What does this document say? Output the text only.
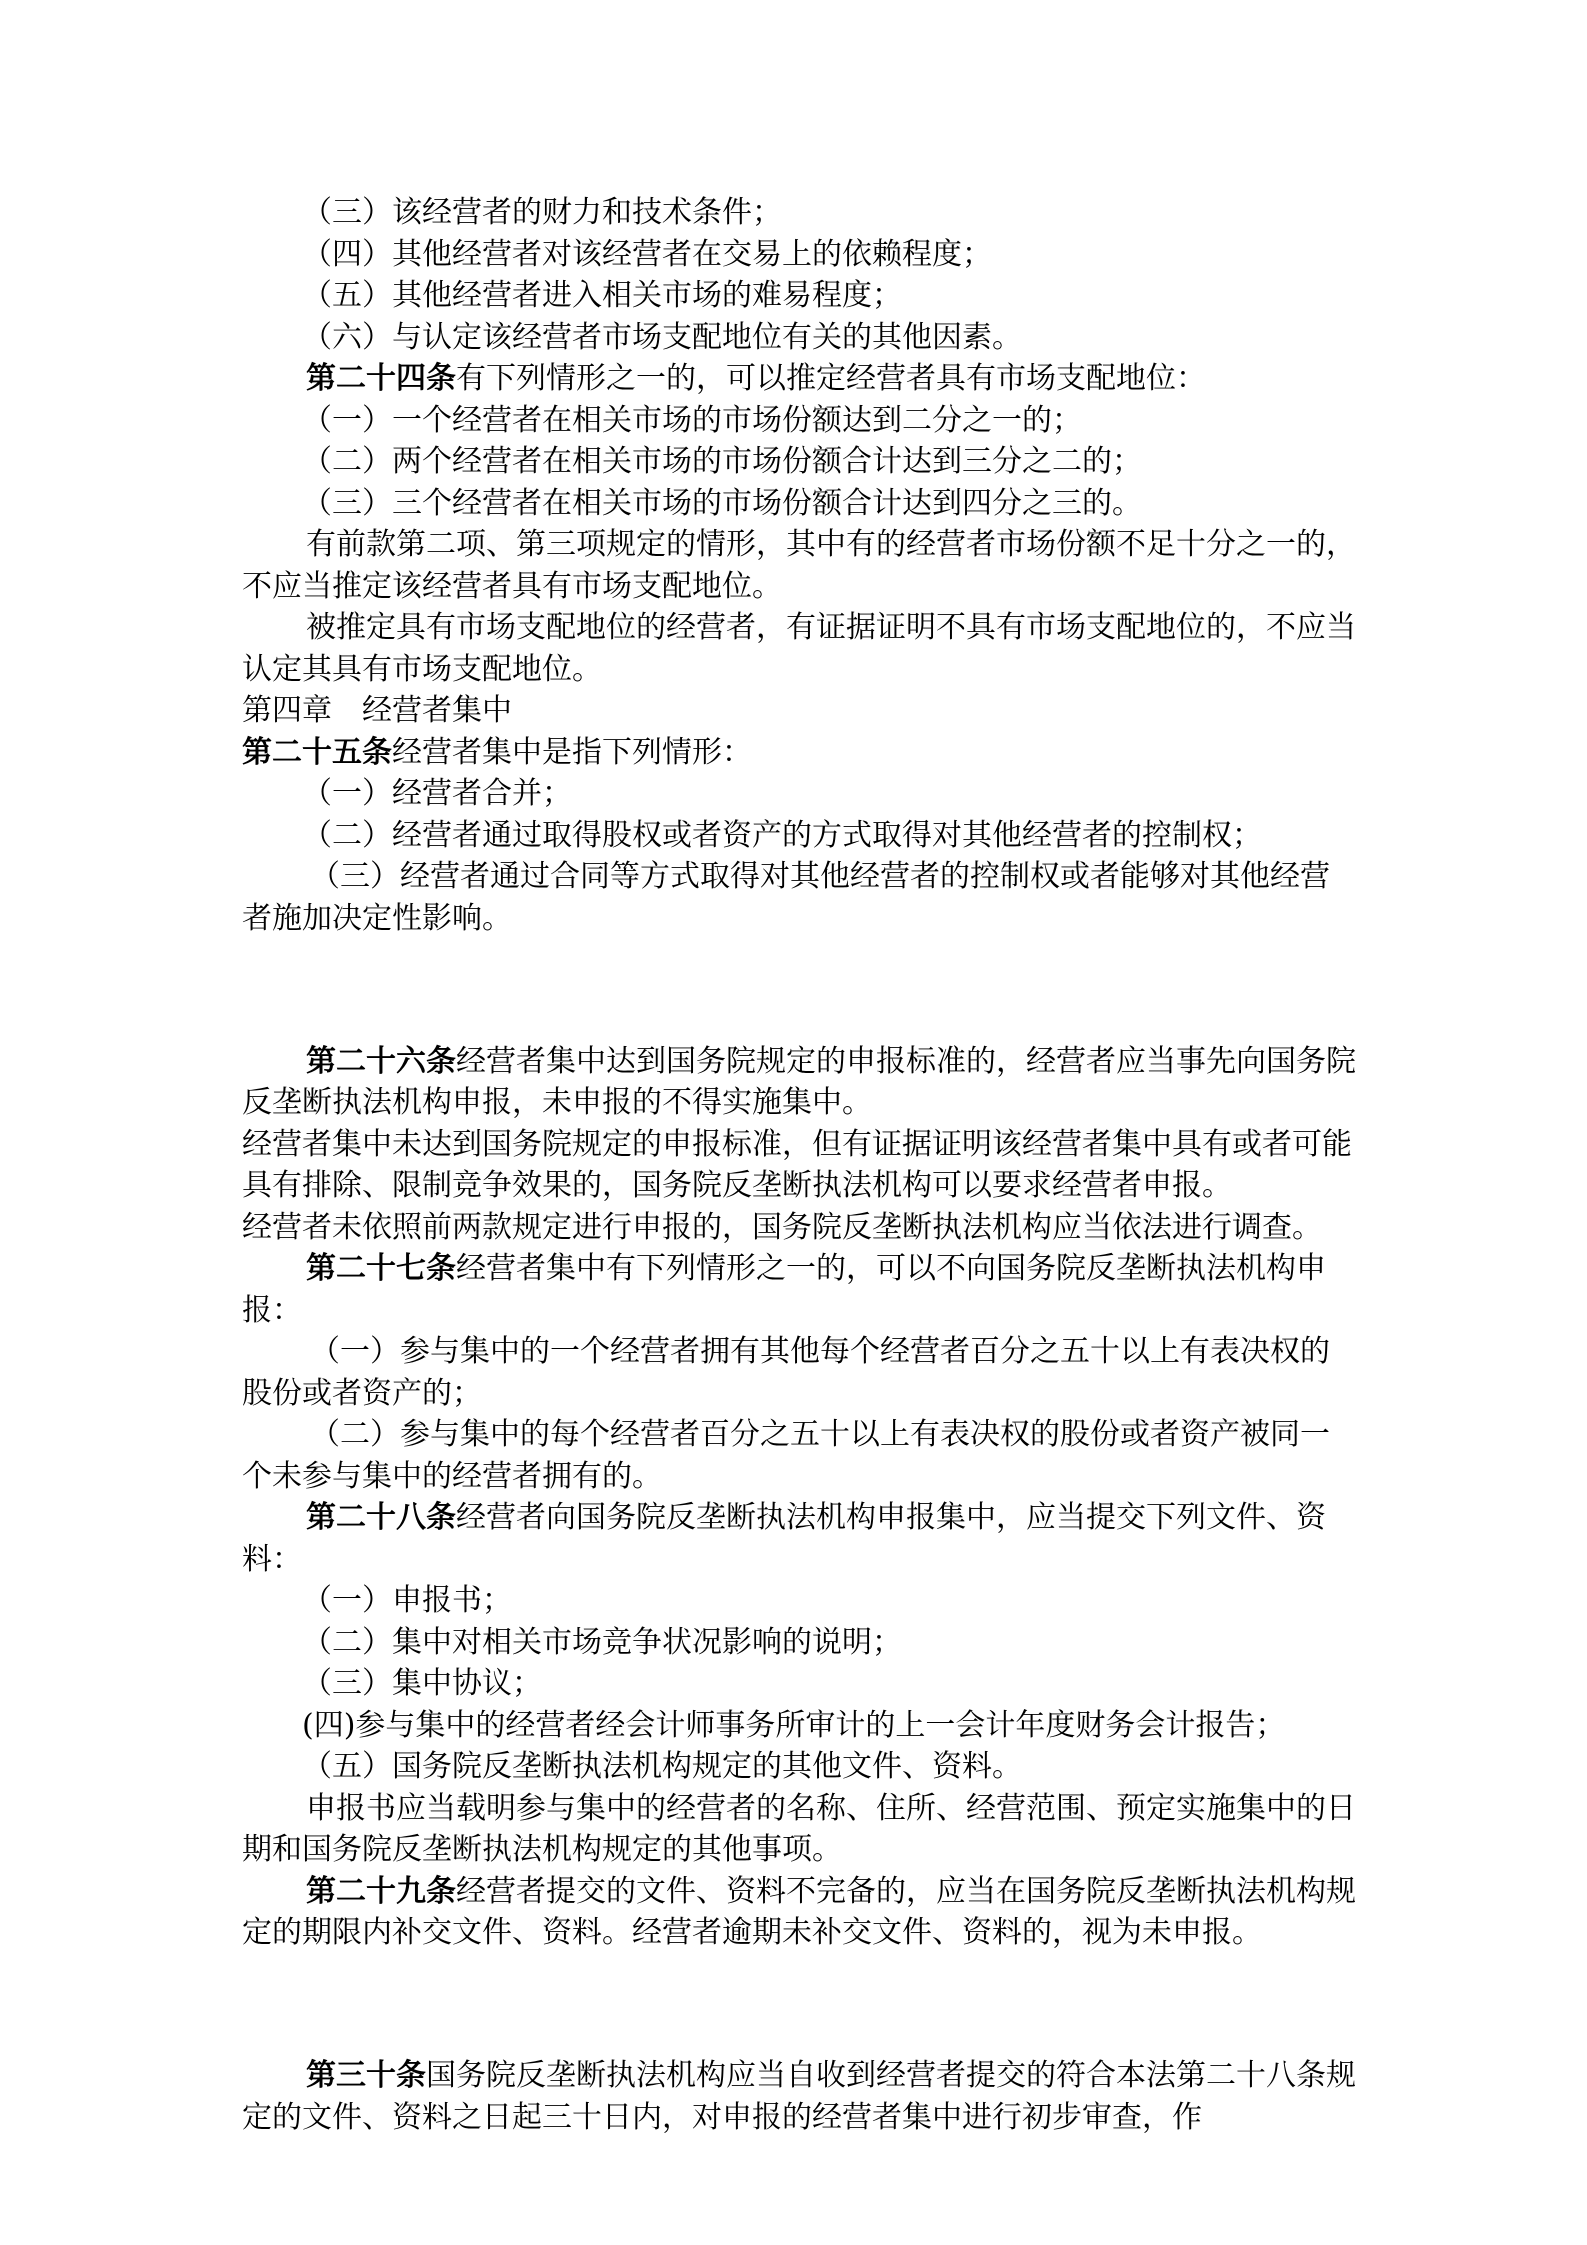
（三）该经营者的财力和技术条件；

（四）其他经营者对该经营者在交易上的依赖程度；

（五）其他经营者进入相关市场的难易程度；

（六）与认定该经营者市场支配地位有关的其他因素。

第二十四条有下列情形之一的，可以推定经营者具有市场支配地位：

（一）一个经营者在相关市场的市场份额达到二分之一的；

（二）两个经营者在相关市场的市场份额合计达到三分之二的；

（三）三个经营者在相关市场的市场份额合计达到四分之三的。

有前款第二项、第三项规定的情形，其中有的经营者市场份额不足十分之一的，不应当推定该经营者具有市场支配地位。

被推定具有市场支配地位的经营者，有证据证明不具有市场支配地位的，不应当认定其具有市场支配地位。

第四章　经营者集中

第二十五条经营者集中是指下列情形：

（一）经营者合并；

（二）经营者通过取得股权或者资产的方式取得对其他经营者的控制权；

（三）经营者通过合同等方式取得对其他经营者的控制权或者能够对其他经营者施加决定性影响。

第二十六条经营者集中达到国务院规定的申报标准的，经营者应当事先向国务院反垄断执法机构申报，未申报的不得实施集中。

经营者集中未达到国务院规定的申报标准，但有证据证明该经营者集中具有或者可能具有排除、限制竞争效果的，国务院反垄断执法机构可以要求经营者申报。

经营者未依照前两款规定进行申报的，国务院反垄断执法机构应当依法进行调查。

第二十七条经营者集中有下列情形之一的，可以不向国务院反垄断执法机构申报：

（一）参与集中的一个经营者拥有其他每个经营者百分之五十以上有表决权的股份或者资产的；

（二）参与集中的每个经营者百分之五十以上有表决权的股份或者资产被同一个未参与集中的经营者拥有的。

第二十八条经营者向国务院反垄断执法机构申报集中，应当提交下列文件、资料：

（一）申报书；

（二）集中对相关市场竞争状况影响的说明；

（三）集中协议；

(四)参与集中的经营者经会计师事务所审计的上一会计年度财务会计报告；

（五）国务院反垄断执法机构规定的其他文件、资料。

申报书应当载明参与集中的经营者的名称、住所、经营范围、预定实施集中的日期和国务院反垄断执法机构规定的其他事项。

第二十九条经营者提交的文件、资料不完备的，应当在国务院反垄断执法机构规定的期限内补交文件、资料。经营者逾期未补交文件、资料的，视为未申报。

第三十条国务院反垄断执法机构应当自收到经营者提交的符合本法第二十八条规定的文件、资料之日起三十日内，对申报的经营者集中进行初步审查，作
